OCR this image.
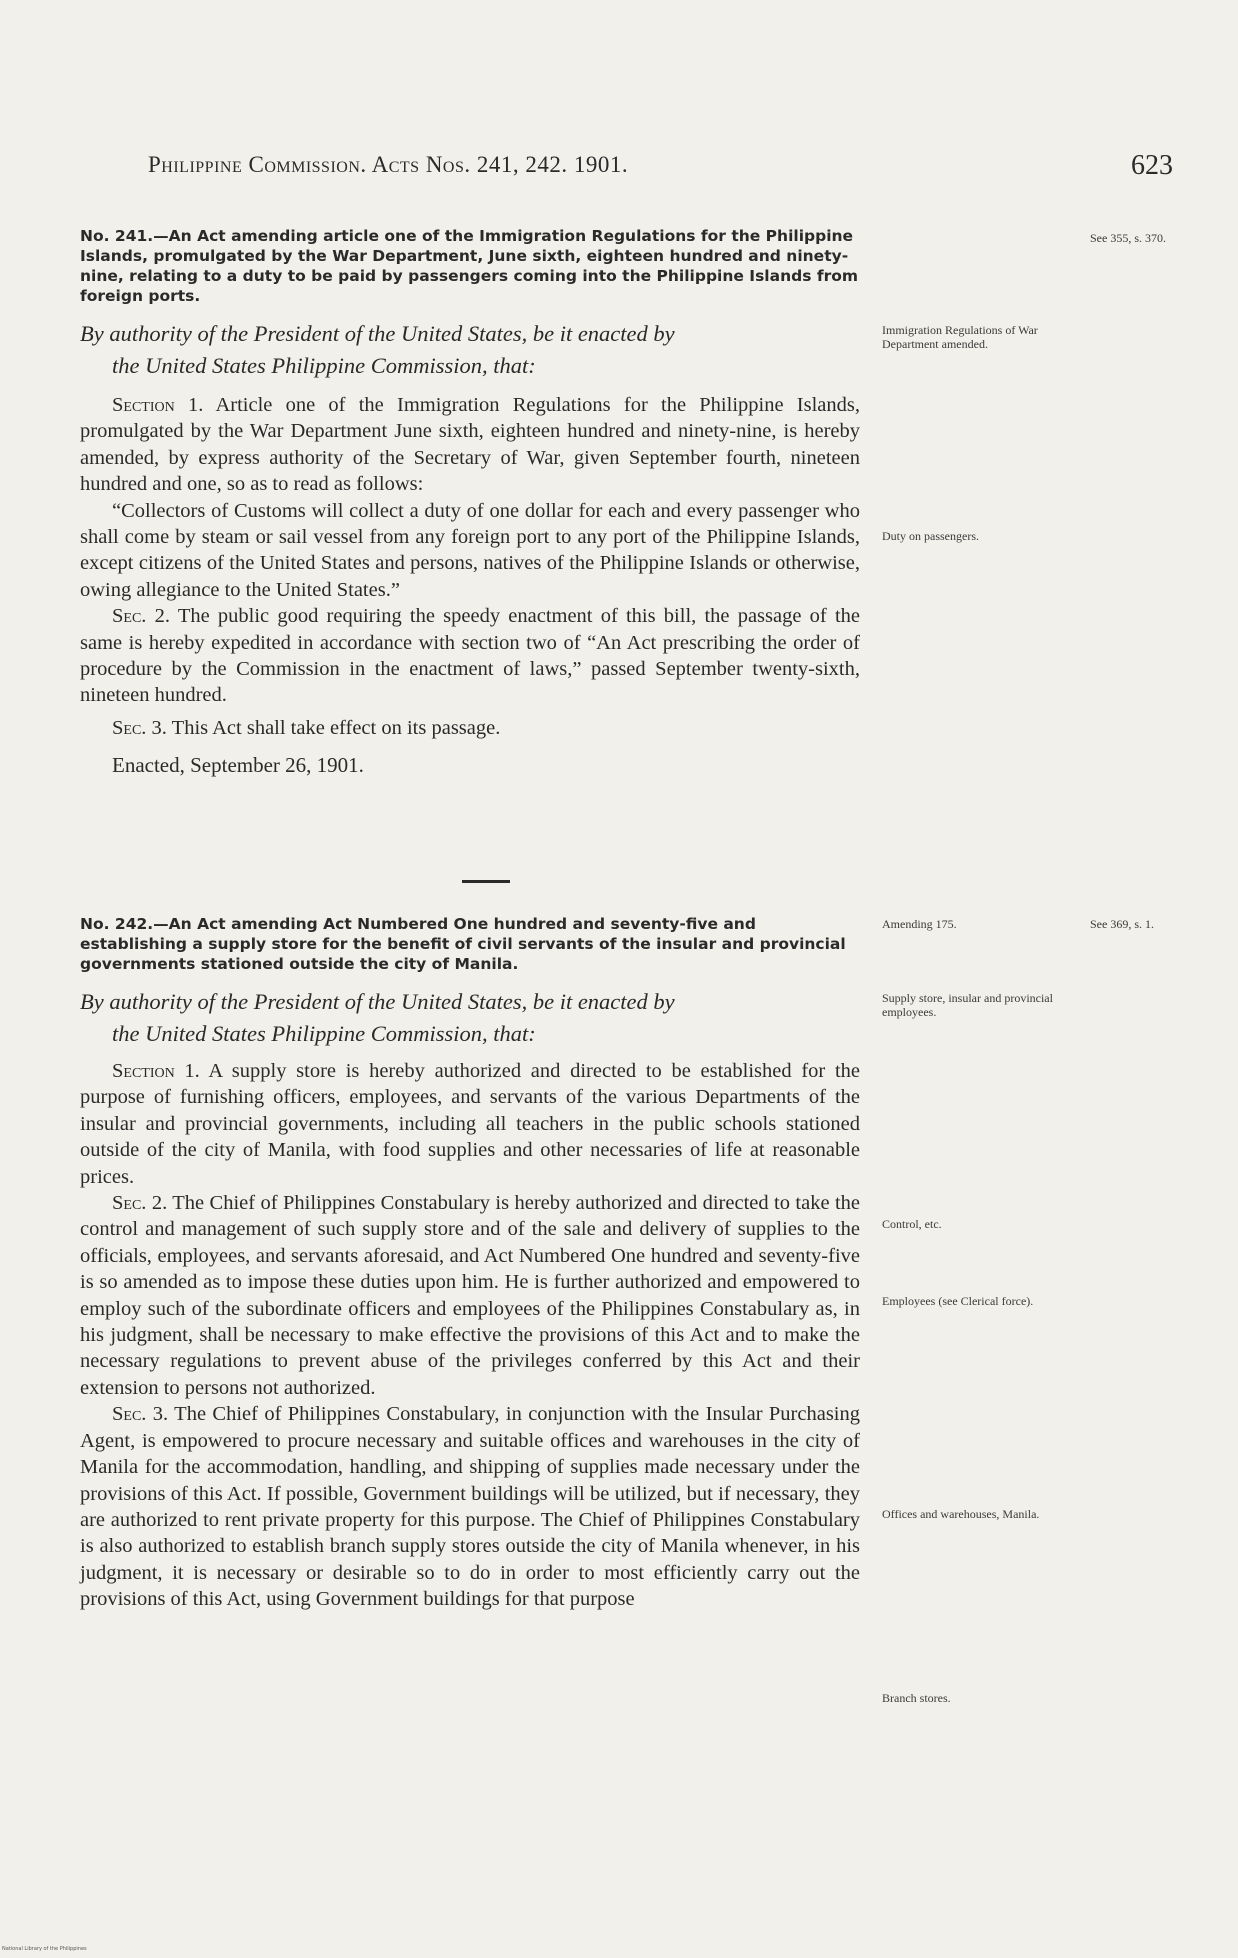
Philippine Commission. Acts Nos. 241, 242. 1901.	623

No. 241.—An Act amending article one of the Immigration Regulations for the Philippine Islands, promulgated by the War Department, June sixth, eighteen hundred and ninety-nine, relating to a duty to be paid by passengers coming into the Philippine Islands from foreign ports.

By authority of the President of the United States, be it enacted by
the United States Philippine Commission, that:

Section 1. Article one of the Immigration Regulations for the Philippine Islands, promulgated by the War Department June sixth, eighteen hundred and ninety-nine, is hereby amended, by express authority of the Secretary of War, given September fourth, nineteen hundred and one, so as to read as follows:

“Collectors of Customs will collect a duty of one dollar for each and every passenger who shall come by steam or sail vessel from any foreign port to any port of the Philippine Islands, except citizens of the United States and persons, natives of the Philippine Islands or otherwise, owing allegiance to the United States.”

Sec. 2. The public good requiring the speedy enactment of this bill, the passage of the same is hereby expedited in accordance with section two of “An Act prescribing the order of procedure by the Commission in the enactment of laws,” passed September twenty-sixth, nineteen hundred.

Sec. 3. This Act shall take effect on its passage.

Enacted, September 26, 1901.

No. 242.—An Act amending Act Numbered One hundred and seventy-five and establishing a supply store for the benefit of civil servants of the insular and provincial governments stationed outside the city of Manila.

By authority of the President of the United States, be it enacted by
the United States Philippine Commission, that:

Section 1. A supply store is hereby authorized and directed to be established for the purpose of furnishing officers, employees, and servants of the various Departments of the insular and provincial governments, including all teachers in the public schools stationed outside of the city of Manila, with food supplies and other necessaries of life at reasonable prices.

Sec. 2. The Chief of Philippines Constabulary is hereby authorized and directed to take the control and management of such supply store and of the sale and delivery of supplies to the officials, employees, and servants aforesaid, and Act Numbered One hundred and seventy-five is so amended as to impose these duties upon him. He is further authorized and empowered to employ such of the subordinate officers and employees of the Philippines Constabulary as, in his judgment, shall be necessary to make effective the provisions of this Act and to make the necessary regulations to prevent abuse of the privileges conferred by this Act and their extension to persons not authorized.

Sec. 3. The Chief of Philippines Constabulary, in conjunction with the Insular Purchasing Agent, is empowered to procure necessary and suitable offices and warehouses in the city of Manila for the accommodation, handling, and shipping of supplies made necessary under the provisions of this Act. If possible, Government buildings will be utilized, but if necessary, they are authorized to rent private property for this purpose. The Chief of Philippines Constabulary is also authorized to establish branch supply stores outside the city of Manila whenever, in his judgment, it is necessary or desirable so to do in order to most efficiently carry out the provisions of this Act, using Government buildings for that purpose

See 355, s. 370.
Immigration Regulations of War Department amended.
Duty on passengers.
Amending 175.	See 369, s. 1.
Supply store, insular and provincial employees.
Control, etc.
Employees (see Clerical force).
Offices and warehouses, Manila.
Branch stores.
National Library of the Philippines
